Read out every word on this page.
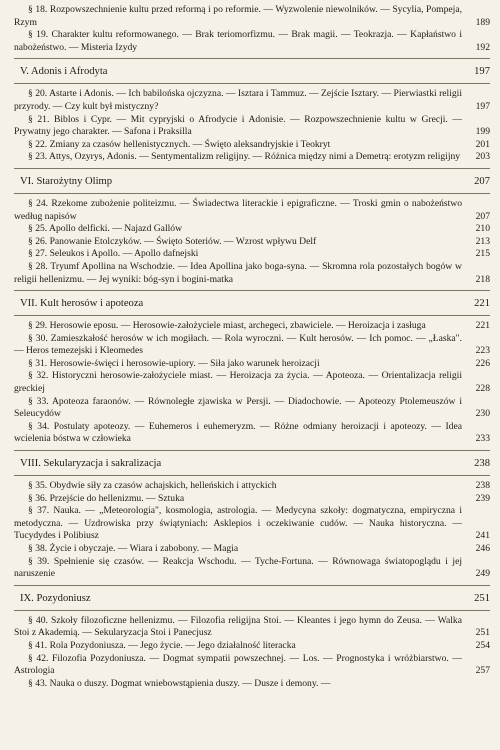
§ 18. Rozpowszechnienie kultu przed reformą i po reformie. — Wyzwolenie niewolników. — Sycylia, Pompeja, Rzym	189
§ 19. Charakter kultu reformowanego. — Brak teriomorfizmu. — Brak magii. — Teokrazja. — Kapłaństwo i nabożeństwo. — Misteria Izydy	192
V. Adonis i Afrodyta	197
§ 20. Astarte i Adonis. — Ich babilońska ojczyzna. — Isztara i Tammuz. — Zejście Isztary. — Pierwiastki religii przyrody. — Czy kult był mistyczny?	197
§ 21. Biblos i Cypr. — Mit cypryjski o Afrodycie i Adonisie. — Rozpowszechnienie kultu w Grecji. — Prywatny jego charakter. — Safona i Praksilla	199
§ 22. Zmiany za czasów hellenistycznych. — Święto aleksandryjskie i Teokryt	201
§ 23. Attys, Ozyrys, Adonis. — Sentymentalizm religijny. — Różnica między nimi a Demetrą: erotyzm religijny	203
VI. Starożytny Olimp	207
§ 24. Rzekome zubożenie politeizmu. — Świadectwa literackie i epigraficzne. — Troski gmin o nabożeństwo według napisów	207
§ 25. Apollo delficki. — Najazd Gallów	210
§ 26. Panowanie Etolczyków. — Święto Soteriów. — Wzrost wpływu Delf	213
§ 27. Seleukos i Apollo. — Apollo dafnejski	215
§ 28. Tryumf Apollina na Wschodzie. — Idea Apollina jako boga-syna. — Skromna rola pozostałych bogów w religii hellenizmu. — Jej wyniki: bóg-syn i bogini-matka	218
VII. Kult herosów i apoteoza	221
§ 29. Herosowie eposu. — Herosowie-założyciele miast, archegeci, zbawiciele. — Heroizacja i zasługa	221
§ 30. Zamieszkałość herosów w ich mogiłach. — Rola wyroczni. — Kult herosów. — Ich pomoc. — „Łaska". — Heros temezejski i Kleomedes	223
§ 31. Herosowie-święci i herosowie-upiory. — Siła jako warunek heroizacji	226
§ 32. Historyczni herosowie-założyciele miast. — Heroizacja za życia. — Apoteoza. — Orientalizacja religii greckiej	228
§ 33. Apoteoza faraonów. — Równoległe zjawiska w Persji. — Diadochowie. — Apoteozy Ptolemeuszów i Seleucydów	230
§ 34. Postulaty apoteozy. — Euhemeros i euhemeryzm. — Różne odmiany heroizacji i apoteozy. — Idea wcielenia bóstwa w człowieka	233
VIII. Sekularyzacja i sakralizacja	238
§ 35. Obydwie siły za czasów achajskich, helleńskich i attyckich	238
§ 36. Przejście do hellenizmu. — Sztuka	239
§ 37. Nauka. — „Meteorologia", kosmologia, astrologia. — Medycyna szkoły: dogmatyczna, empiryczna i metodyczna. — Uzdrowiska przy świątyniach: Asklepios i oczekiwanie cudów. — Nauka historyczna. — Tucydydes i Polibiusz	241
§ 38. Życie i obyczaje. — Wiara i zabobony. — Magia	246
§ 39. Spełnienie się czasów. — Reakcja Wschodu. — Tyche-Fortuna. — Równowaga światopoglądu i jej naruszenie	249
IX. Pozydoniusz	251
§ 40. Szkoły filozoficzne hellenizmu. — Filozofia religijna Stoi. — Kleantes i jego hymn do Zeusa. — Walka Stoi z Akademią. — Sekularyzacja Stoi i Panecjusz	251
§ 41. Rola Pozydoniusza. — Jego życie. — Jego działalność literacka	254
§ 42. Filozofia Pozydoniusza. — Dogmat sympatii powszechnej. — Los. — Prognostyka i wróżbiarstwo. — Astrologia	257
§ 43. Nauka o duszy. Dogmat wniebowstąpienia duszy. — Dusze i demony. —
